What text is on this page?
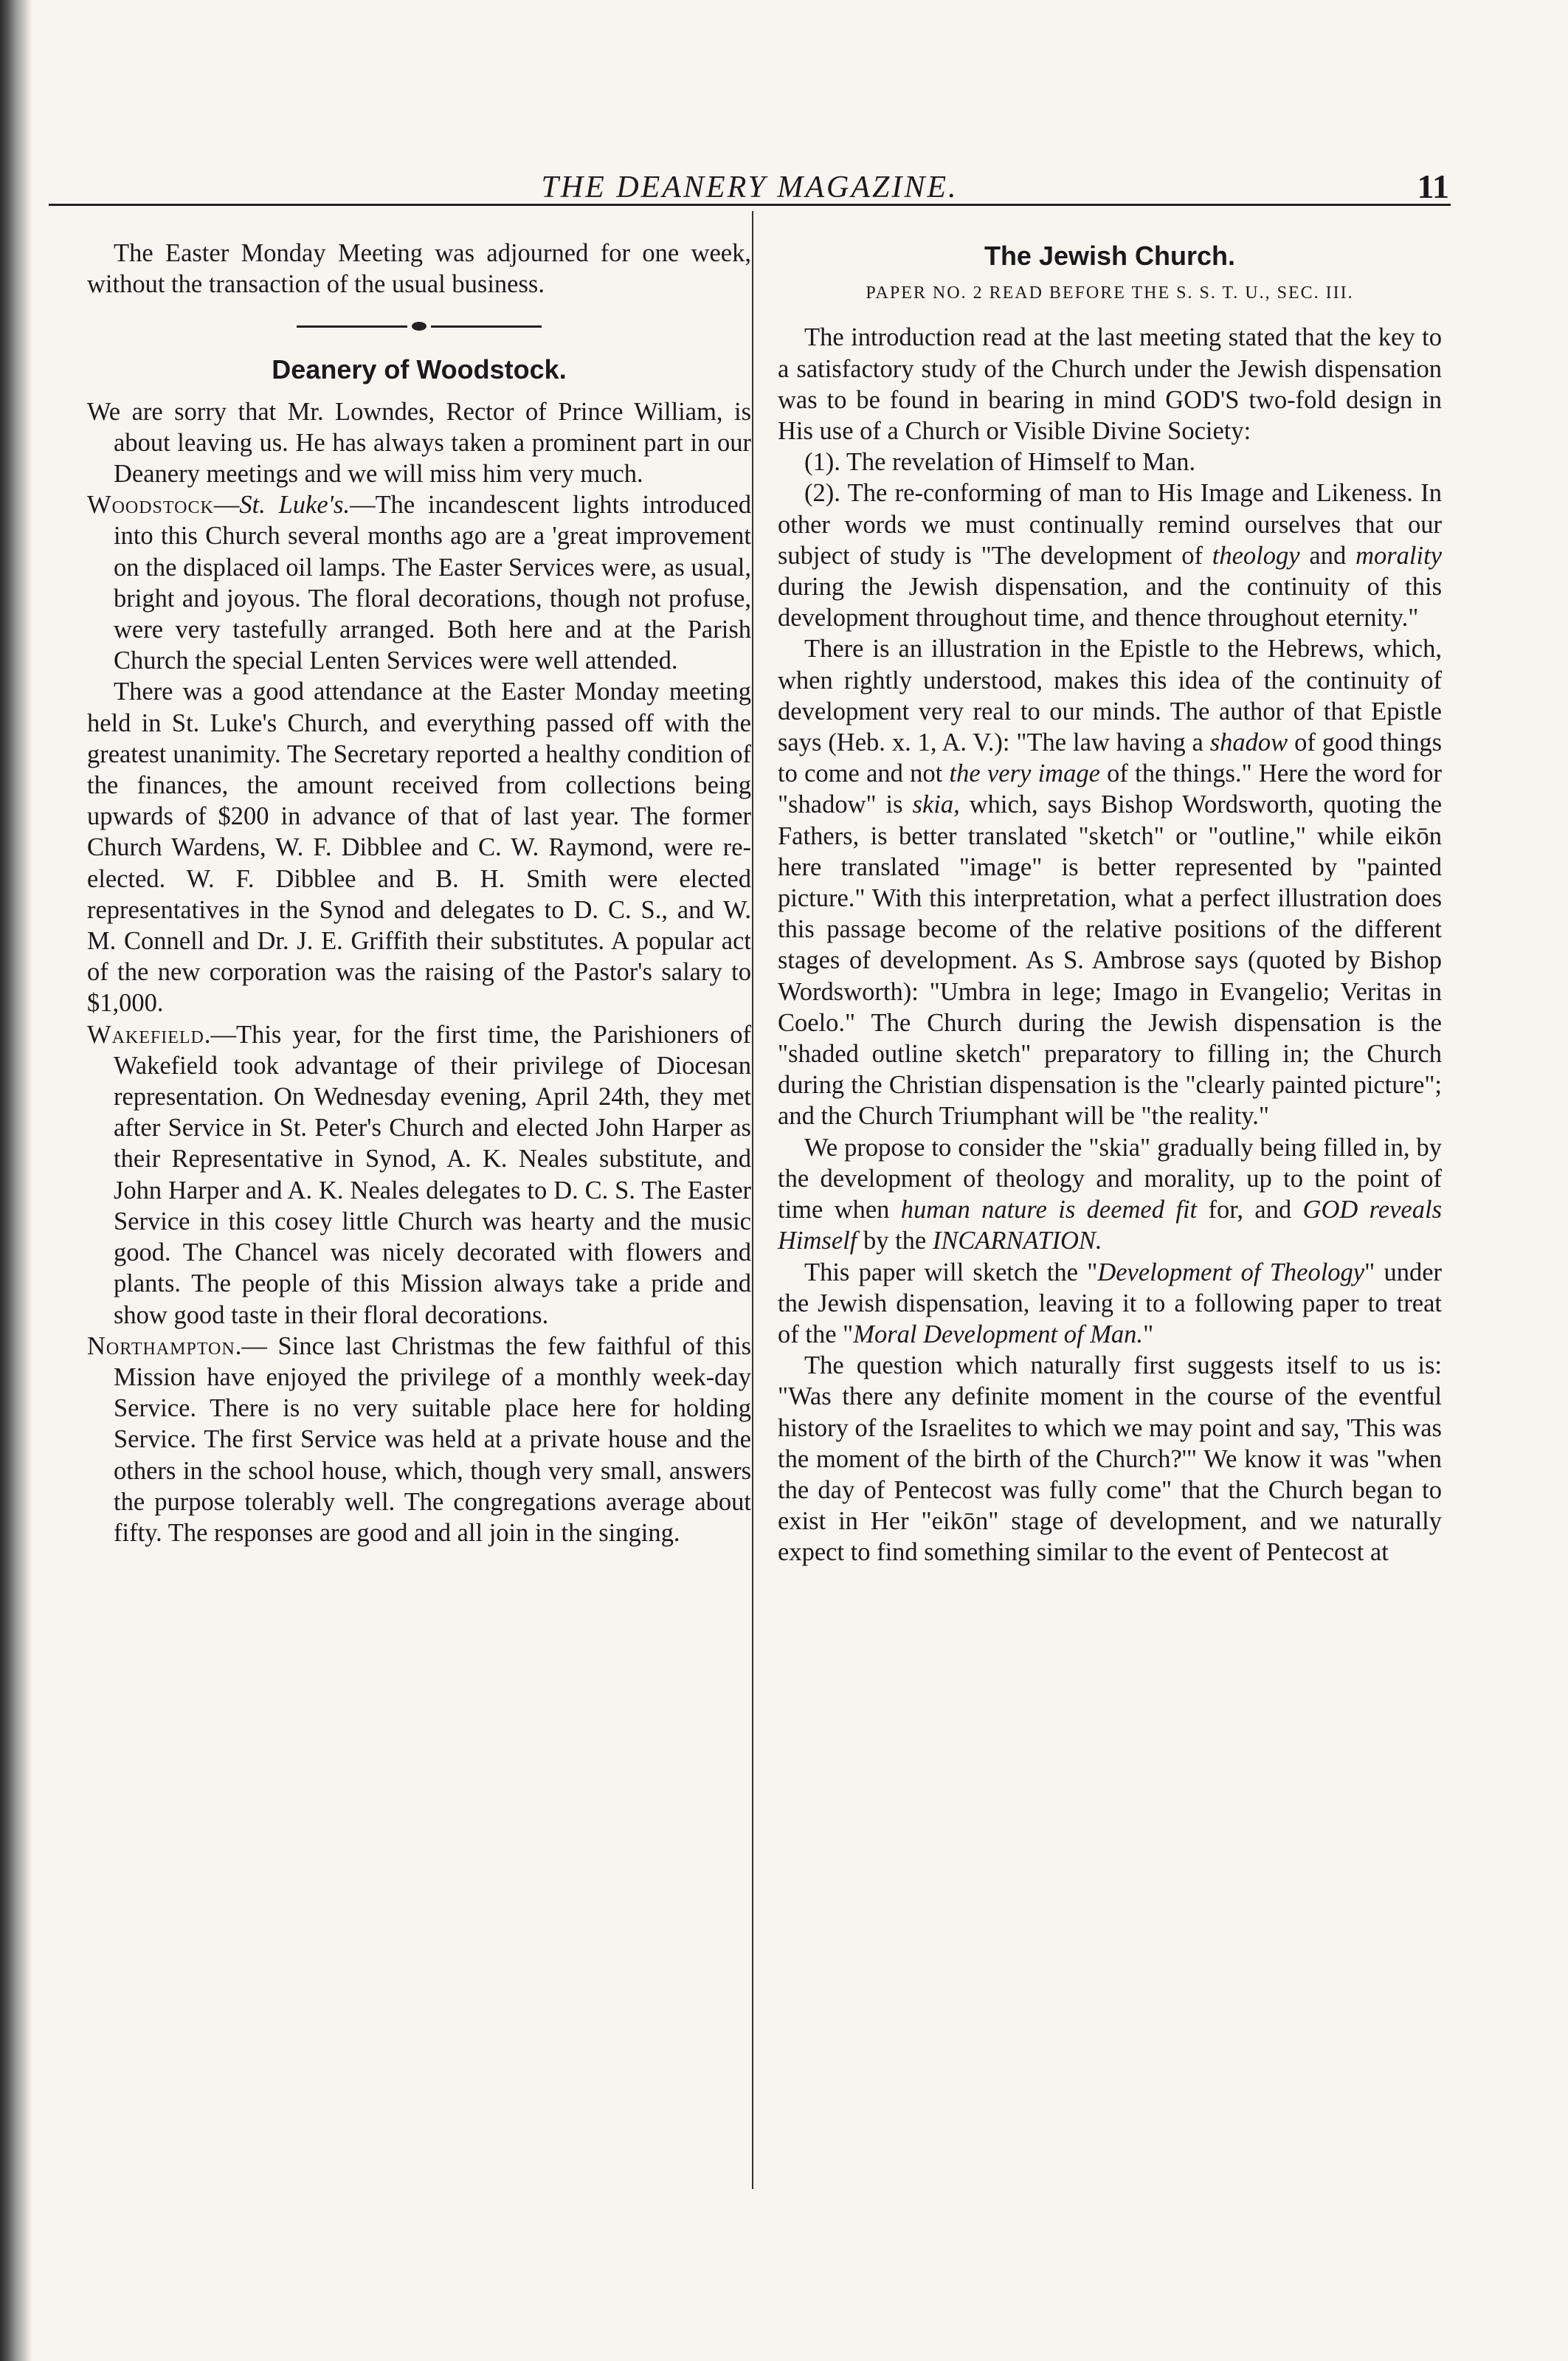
THE DEANERY MAGAZINE.	11

The Easter Monday Meeting was adjourned for one week, without the transaction of the usual business.

Deanery of Woodstock.

We are sorry that Mr. Lowndes, Rector of Prince William, is about leaving us. He has always taken a prominent part in our Deanery meetings and we will miss him very much.

Woodstock—St. Luke's.—The incandescent lights introduced into this Church several months ago are a 'great improvement on the displaced oil lamps. The Easter Services were, as usual, bright and joyous. The floral decorations, though not profuse, were very tastefully arranged. Both here and at the Parish Church the special Lenten Services were well attended.

There was a good attendance at the Easter Monday meeting held in St. Luke's Church, and everything passed off with the greatest unanimity. The Secretary reported a healthy condition of the finances, the amount received from collections being upwards of $200 in advance of that of last year. The former Church Wardens, W. F. Dibblee and C. W. Raymond, were re-elected. W. F. Dibblee and B. H. Smith were elected representatives in the Synod and delegates to D. C. S., and W. M. Connell and Dr. J. E. Griffith their substitutes. A popular act of the new corporation was the raising of the Pastor's salary to $1,000.

Wakefield.—This year, for the first time, the Parishioners of Wakefield took advantage of their privilege of Diocesan representation. On Wednesday evening, April 24th, they met after Service in St. Peter's Church and elected John Harper as their Representative in Synod, A. K. Neales substitute, and John Harper and A. K. Neales delegates to D. C. S. The Easter Service in this cosey little Church was hearty and the music good. The Chancel was nicely decorated with flowers and plants. The people of this Mission always take a pride and show good taste in their floral decorations.

Northampton.— Since last Christmas the few faithful of this Mission have enjoyed the privilege of a monthly week-day Service. There is no very suitable place here for holding Service. The first Service was held at a private house and the others in the school house, which, though very small, answers the purpose tolerably well. The congregations average about fifty. The responses are good and all join in the singing.

The Jewish Church.
PAPER NO. 2 READ BEFORE THE S. S. T. U., SEC. III.

The introduction read at the last meeting stated that the key to a satisfactory study of the Church under the Jewish dispensation was to be found in bearing in mind GOD'S two-fold design in His use of a Church or Visible Divine Society:

(1). The revelation of Himself to Man.

(2). The re-conforming of man to His Image and Likeness. In other words we must continually remind ourselves that our subject of study is "The development of theology and morality during the Jewish dispensation, and the continuity of this development throughout time, and thence throughout eternity."

There is an illustration in the Epistle to the Hebrews, which, when rightly understood, makes this idea of the continuity of development very real to our minds. The author of that Epistle says (Heb. x. 1, A. V.): "The law having a shadow of good things to come and not the very image of the things." Here the word for "shadow" is skia, which, says Bishop Wordsworth, quoting the Fathers, is better translated "sketch" or "outline," while eikōn here translated "image" is better represented by "painted picture." With this interpretation, what a perfect illustration does this passage become of the relative positions of the different stages of development. As S. Ambrose says (quoted by Bishop Wordsworth): "Umbra in lege; Imago in Evangelio; Veritas in Coelo." The Church during the Jewish dispensation is the "shaded outline sketch" preparatory to filling in; the Church during the Christian dispensation is the "clearly painted picture"; and the Church Triumphant will be "the reality."

We propose to consider the "skia" gradually being filled in, by the development of theology and morality, up to the point of time when human nature is deemed fit for, and GOD reveals Himself by the INCARNATION.

This paper will sketch the "Development of Theology" under the Jewish dispensation, leaving it to a following paper to treat of the "Moral Development of Man."

The question which naturally first suggests itself to us is: "Was there any definite moment in the course of the eventful history of the Israelites to which we may point and say, 'This was the moment of the birth of the Church?'" We know it was "when the day of Pentecost was fully come" that the Church began to exist in Her "eikōn" stage of development, and we naturally expect to find something similar to the event of Pentecost at
